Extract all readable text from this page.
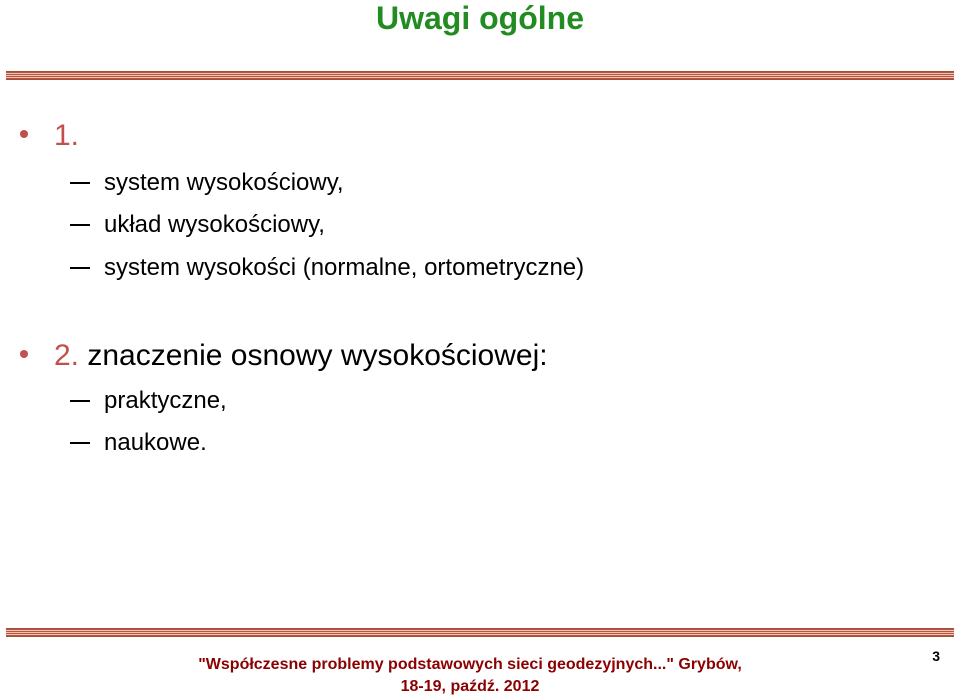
Uwagi ogólne
1.
system wysokościowy,
układ wysokościowy,
system wysokości (normalne, ortometryczne)
2. znaczenie osnowy wysokościowej:
praktyczne,
naukowe.
"Współczesne problemy podstawowych sieci geodezyjnych..." Grybów,
18-19, paźdź. 2012
3
